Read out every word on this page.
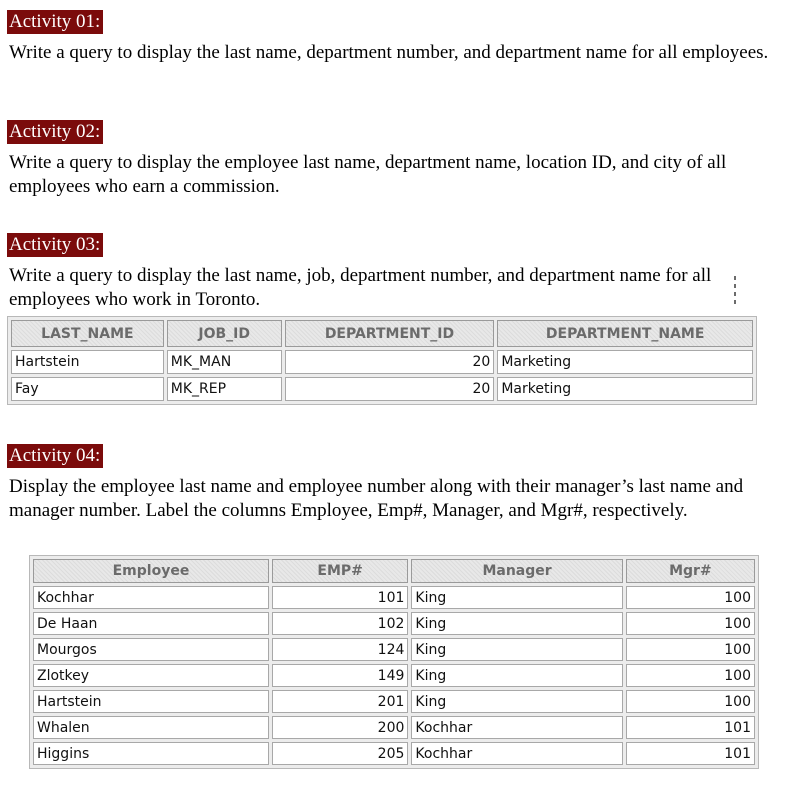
Activity 01:

Write a query to display the last name, department number, and department name for all employees.

Activity 02:

Write a query to display the employee last name, department name, location ID, and city of all employees who earn a commission.

Activity 03:

Write a query to display the last name, job, department number, and department name for all employees who work in Toronto.

LAST_NAME	JOB_ID	DEPARTMENT_ID	DEPARTMENT_NAME
Hartstein	MK_MAN	20	Marketing
Fay	MK_REP	20	Marketing
Activity 04:

Display the employee last name and employee number along with their manager’s last name and manager number. Label the columns Employee, Emp#, Manager, and Mgr#, respectively.

Employee	EMP#	Manager	Mgr#
Kochhar	101	King	100
De Haan	102	King	100
Mourgos	124	King	100
Zlotkey	149	King	100
Hartstein	201	King	100
Whalen	200	Kochhar	101
Higgins	205	Kochhar	101
